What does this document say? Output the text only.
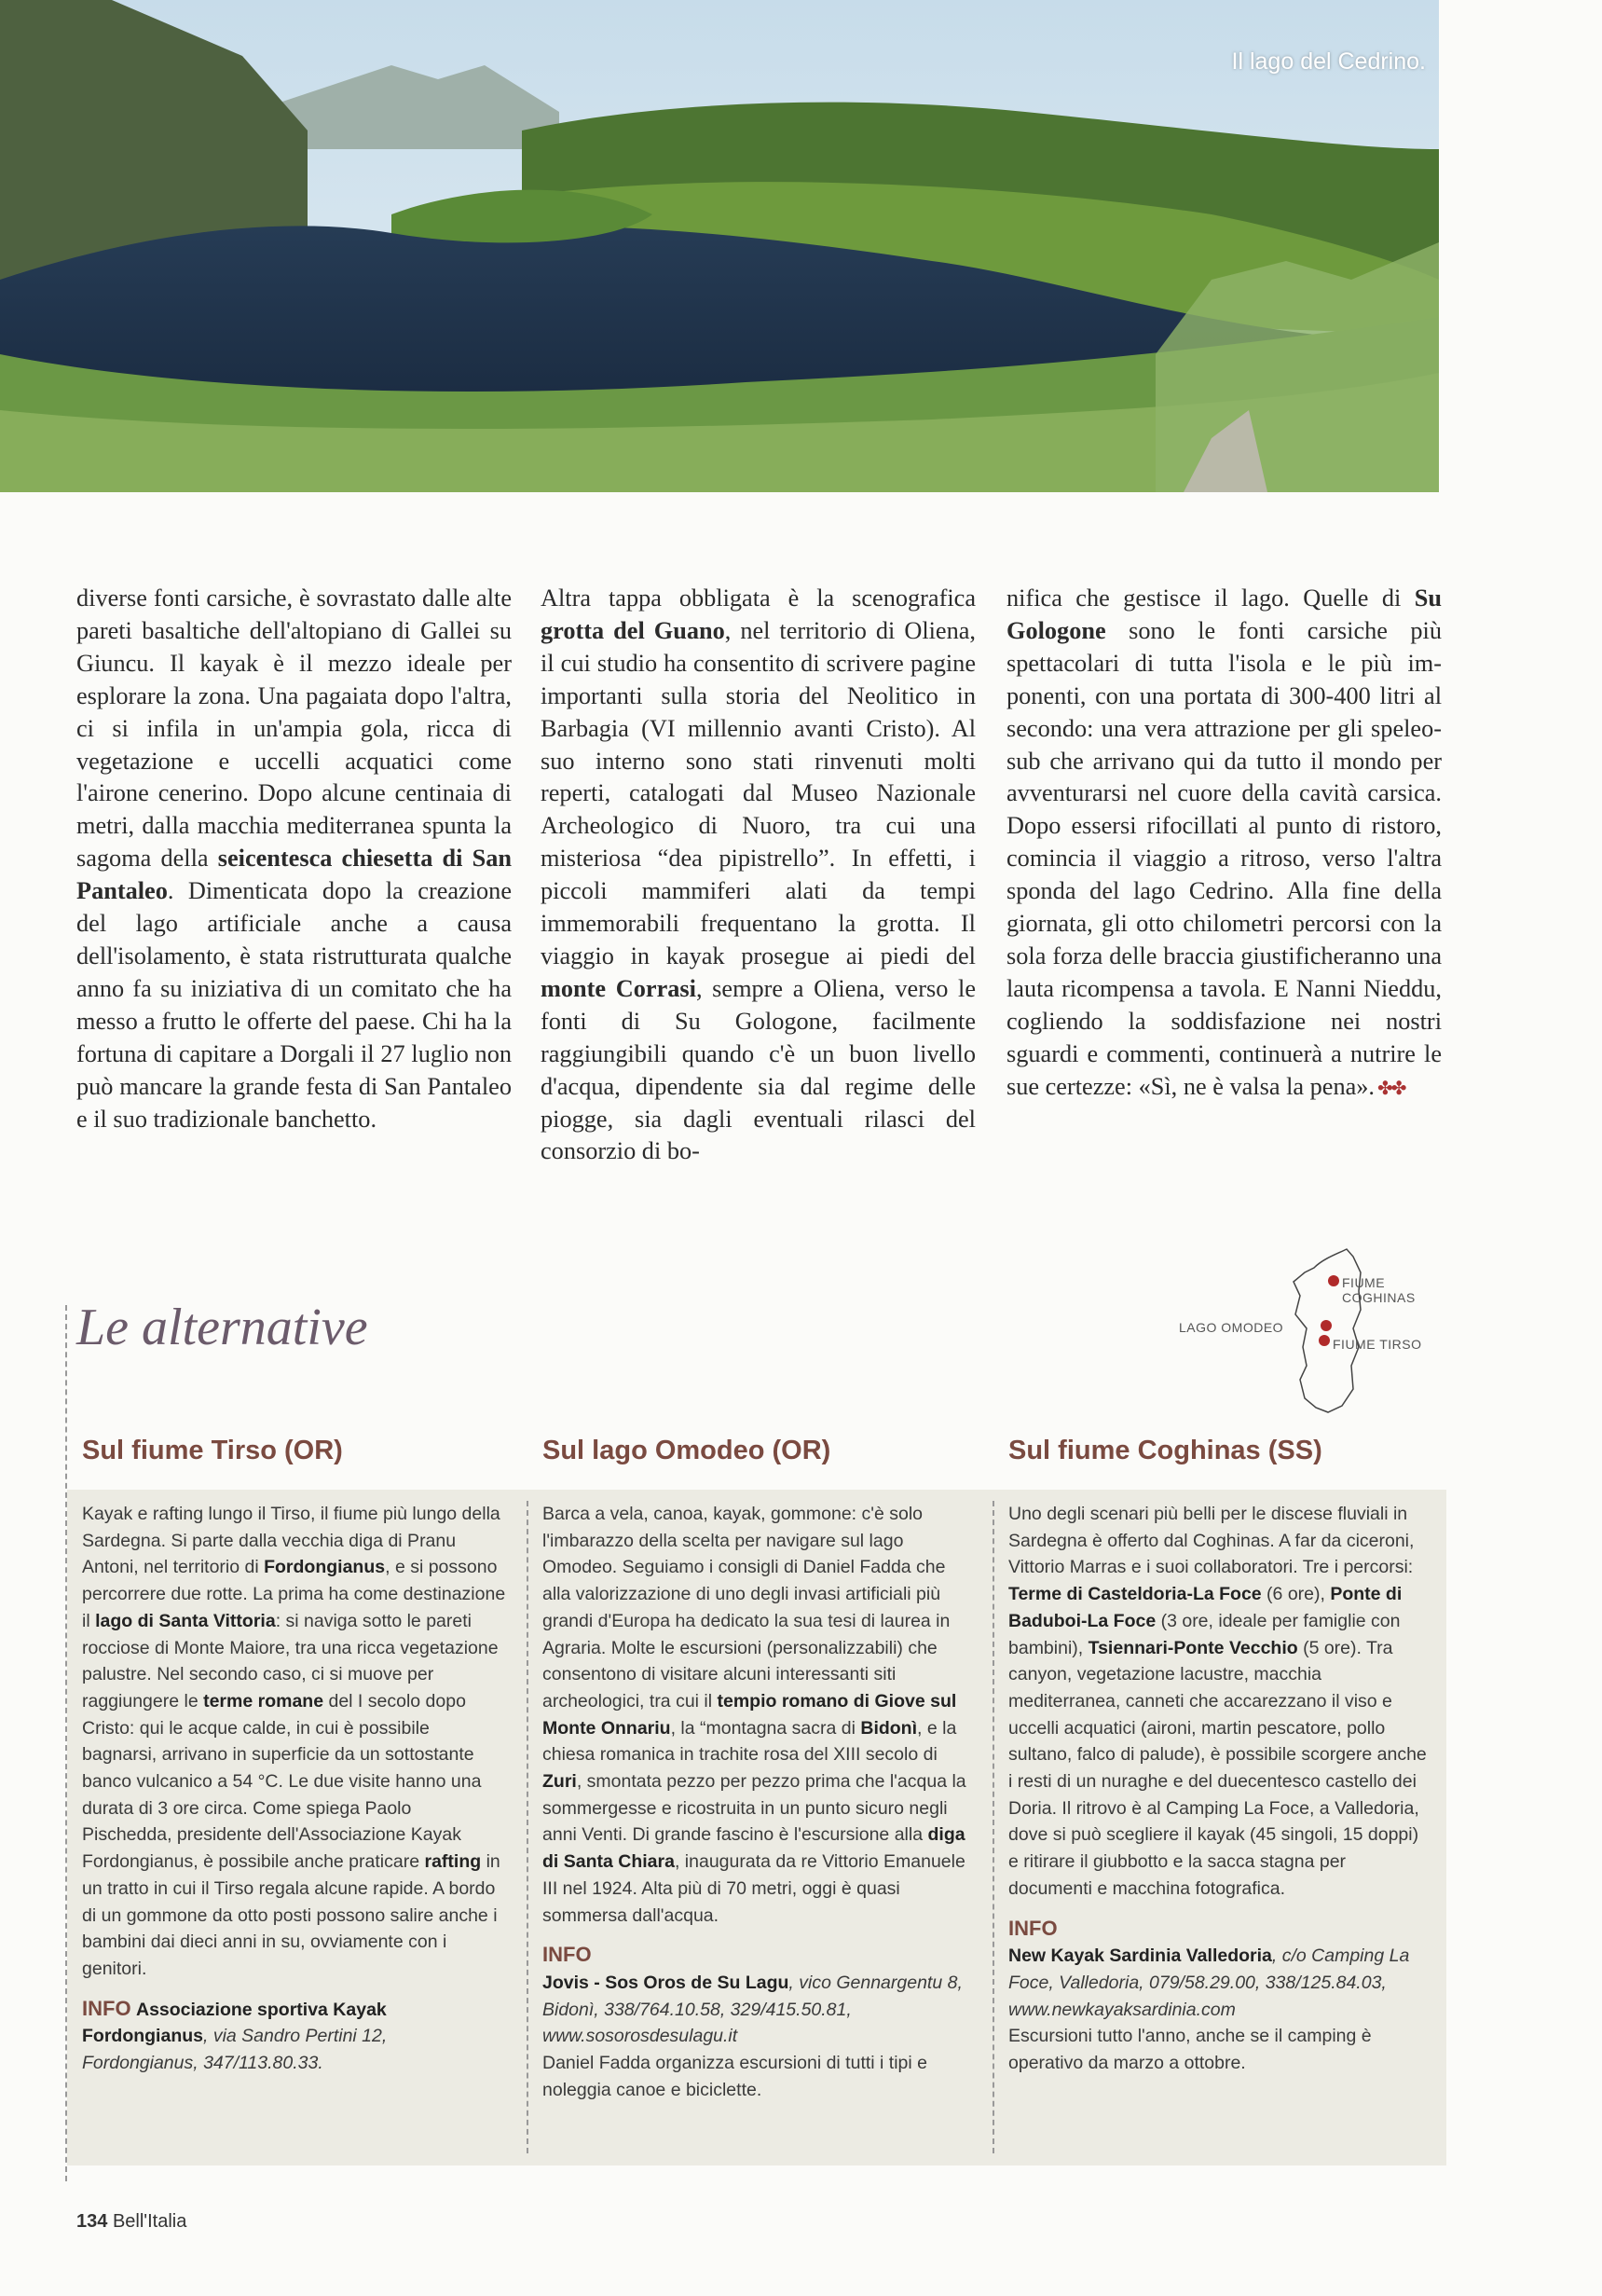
Il lago del Cedrino.

diverse fonti carsiche, è sovrastato dalle alte pareti basaltiche dell'altopiano di Gallei su Giuncu. Il kayak è il mezzo ideale per esplorare la zona. Una pagaiata dopo l'altra, ci si infila in un'ampia gola, ricca di vegetazione e uccelli acquatici come l'airone cenerino. Dopo alcune centinaia di metri, dalla macchia mediterranea spunta la sagoma della seicentesca chiesetta di San Pantaleo. Dimenticata dopo la creazione del lago artificiale anche a causa dell'isolamento, è stata ristrutturata qualche anno fa su iniziativa di un comitato che ha messo a frutto le offerte del paese. Chi ha la fortuna di capitare a Dorgali il 27 luglio non può mancare la grande festa di San Pantaleo e il suo tradizionale banchetto.

Altra tappa obbligata è la scenografica grotta del Guano, nel territorio di Oliena, il cui studio ha consentito di scrivere pagine importanti sulla storia del Neolitico in Barbagia (VI millennio avanti Cristo). Al suo interno sono stati rinvenuti molti reperti, catalogati dal Museo Nazionale Archeologico di Nuoro, tra cui una misteriosa “dea pipistrello”. In effetti, i piccoli mammiferi alati da tempi immemorabili frequentano la grotta. Il viaggio in kayak prosegue ai piedi del monte Corrasi, sempre a Oliena, verso le fonti di Su Gologone, facilmente raggiungibili quando c'è un buon livello d'acqua, dipendente sia dal regime delle piogge, sia dagli eventuali rilasci del consorzio di bo-

nifica che gestisce il lago. Quelle di Su Gologone sono le fonti carsiche più spettacolari di tutta l'isola e le più imponenti, con una portata di 300-400 litri al secondo: una vera attrazione per gli speleo-sub che arrivano qui da tutto il mondo per avventurarsi nel cuore della cavità carsica. Dopo essersi rifocillati al punto di ristoro, comincia il viaggio a ritroso, verso l'altra sponda del lago Cedrino. Alla fine della giornata, gli otto chilometri percorsi con la sola forza delle braccia giustificheranno una lauta ricompensa a tavola. E Nanni Nieddu, cogliendo la soddisfazione nei nostri sguardi e commenti, continuerà a nutrire le sue certezze: «Sì, ne è valsa la pena». ✤✤

Le alternative
FIUME COGHINAS
LAGO OMODEO
FIUME TIRSO
Sul fiume Tirso (OR)	Sul lago Omodeo (OR)	Sul fiume Coghinas (SS)

Kayak e rafting lungo il Tirso, il fiume più lungo della Sardegna. Si parte dalla vecchia diga di Pranu Antoni, nel territorio di Fordongianus, e si possono percorrere due rotte. La prima ha come destinazione il lago di Santa Vittoria: si naviga sotto le pareti rocciose di Monte Maiore, tra una ricca vegetazione palustre. Nel secondo caso, ci si muove per raggiungere le terme romane del I secolo dopo Cristo: qui le acque calde, in cui è possibile bagnarsi, arrivano in superficie da un sottostante banco vulcanico a 54 °C. Le due visite hanno una durata di 3 ore circa. Come spiega Paolo Pischedda, presidente dell'Associazione Kayak Fordongianus, è possibile anche praticare rafting in un tratto in cui il Tirso regala alcune rapide. A bordo di un gommone da otto posti possono salire anche i bambini dai dieci anni in su, ovviamente con i genitori.

INFO Associazione sportiva Kayak Fordongianus, via Sandro Pertini 12, Fordongianus, 347/113.80.33.

Barca a vela, canoa, kayak, gommone: c'è solo l'imbarazzo della scelta per navigare sul lago Omodeo. Seguiamo i consigli di Daniel Fadda che alla valorizzazione di uno degli invasi artificiali più grandi d'Europa ha dedicato la sua tesi di laurea in Agraria. Molte le escursioni (personalizzabili) che consentono di visitare alcuni interessanti siti archeologici, tra cui il tempio romano di Giove sul Monte Onnariu, la “montagna sacra di Bidonì, e la chiesa romanica in trachite rosa del XIII secolo di Zuri, smontata pezzo per pezzo prima che l'acqua la sommergesse e ricostruita in un punto sicuro negli anni Venti. Di grande fascino è l'escursione alla diga di Santa Chiara, inaugurata da re Vittorio Emanuele III nel 1924. Alta più di 70 metri, oggi è quasi sommersa dall'acqua.

INFO
Jovis - Sos Oros de Su Lagu, vico Gennargentu 8, Bidonì, 338/764.10.58, 329/415.50.81, www.sosorosdesulagu.it
Daniel Fadda organizza escursioni di tutti i tipi e noleggia canoe e biciclette.

Uno degli scenari più belli per le discese fluviali in Sardegna è offerto dal Coghinas. A far da ciceroni, Vittorio Marras e i suoi collaboratori. Tre i percorsi: Terme di Casteldoria-La Foce (6 ore), Ponte di Baduboi-La Foce (3 ore, ideale per famiglie con bambini), Tsiennari-Ponte Vecchio (5 ore). Tra canyon, vegetazione lacustre, macchia mediterranea, canneti che accarezzano il viso e uccelli acquatici (aironi, martin pescatore, pollo sultano, falco di palude), è possibile scorgere anche i resti di un nuraghe e del duecentesco castello dei Doria. Il ritrovo è al Camping La Foce, a Valledoria, dove si può scegliere il kayak (45 singoli, 15 doppi) e ritirare il giubbotto e la sacca stagna per documenti e macchina fotografica.

INFO
New Kayak Sardinia Valledoria, c/o Camping La Foce, Valledoria, 079/58.29.00, 338/125.84.03, www.newkayaksardinia.com
Escursioni tutto l'anno, anche se il camping è operativo da marzo a ottobre.

134 Bell'Italia
